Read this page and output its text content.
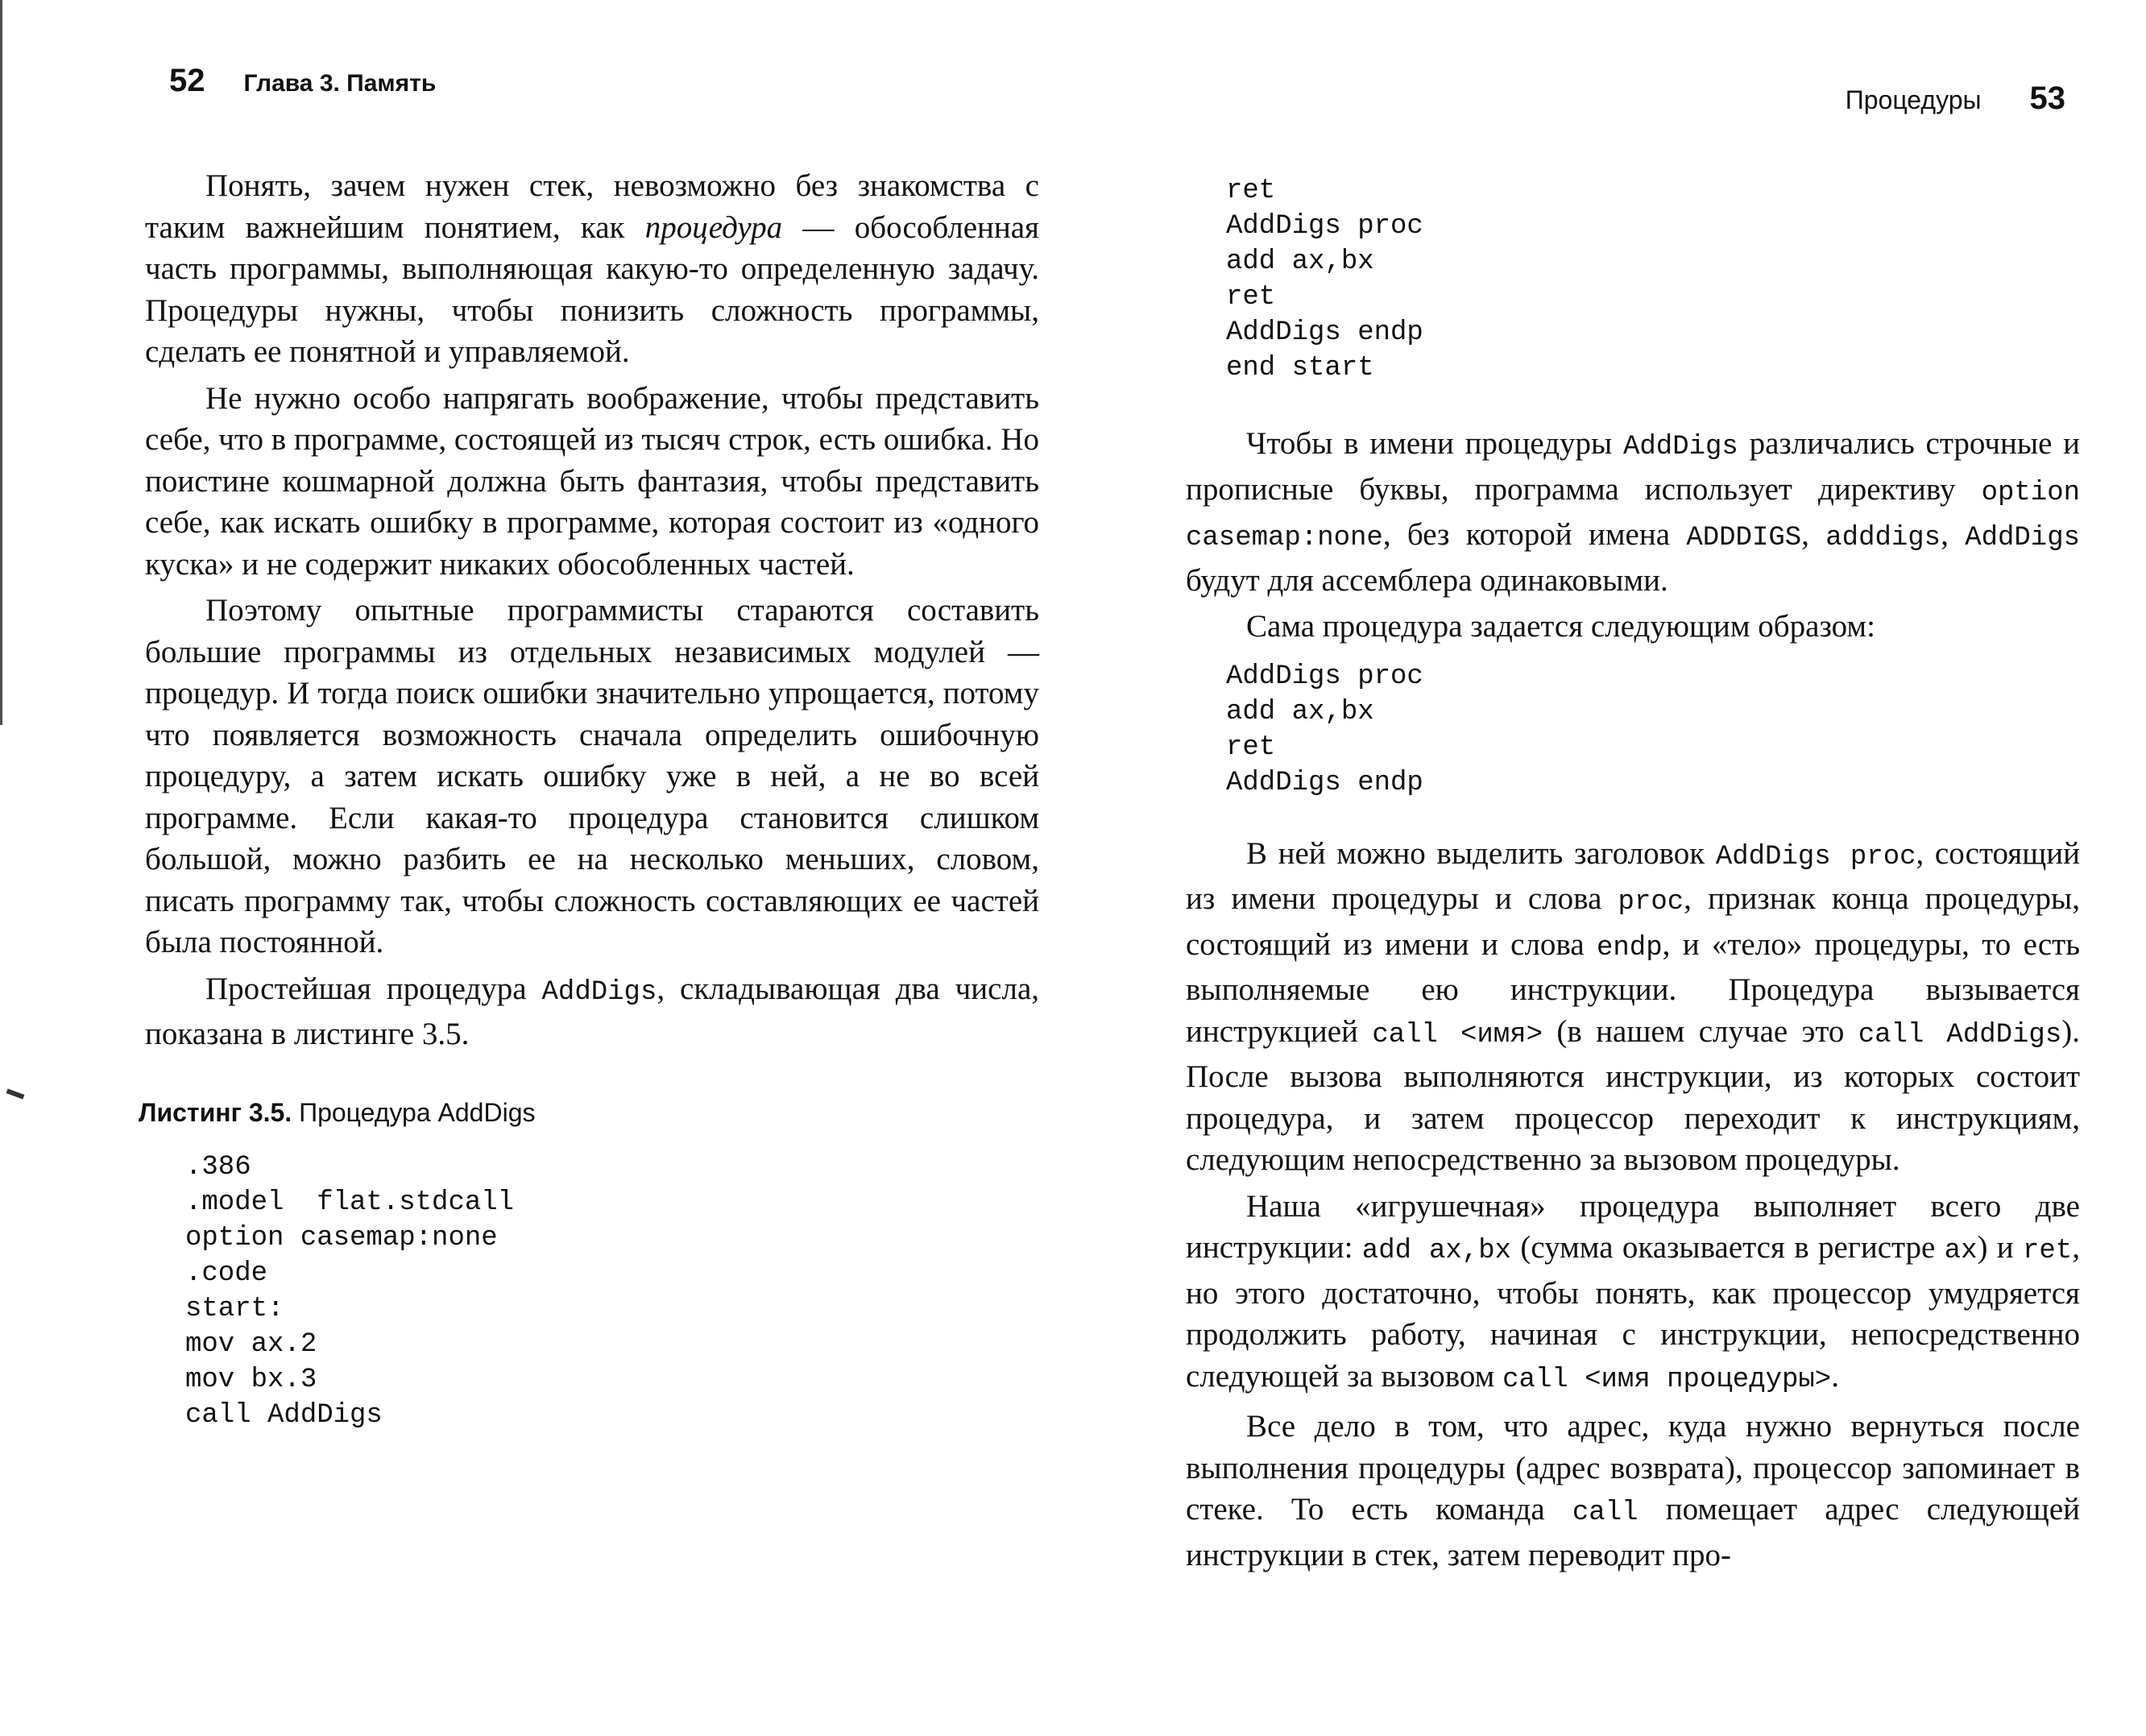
52 Глава 3. Память

Понять, зачем нужен стек, невозможно без знакомства с таким важнейшим понятием, как процедура — обособленная часть программы, выполняющая какую-то определенную задачу. Процедуры нужны, чтобы понизить сложность программы, сделать ее понятной и управляемой.

Не нужно особо напрягать воображение, чтобы представить себе, что в программе, состоящей из тысяч строк, есть ошибка. Но поистине кошмарной должна быть фантазия, чтобы представить себе, как искать ошибку в программе, которая состоит из «одного куска» и не содержит никаких обособленных частей.

Поэтому опытные программисты стараются составить большие программы из отдельных независимых модулей — процедур. И тогда поиск ошибки значительно упрощается, потому что появляется возможность сначала определить ошибочную процедуру, а затем искать ошибку уже в ней, а не во всей программе. Если какая-то процедура становится слишком большой, можно разбить ее на несколько меньших, словом, писать программу так, чтобы сложность составляющих ее частей была постоянной.

Простейшая процедура AddDigs, складывающая два числа, показана в листинге 3.5.

Листинг 3.5. Процедура AddDigs
.386
.model  flat.stdcall
option casemap:none
.code
start:
mov ax.2
mov bx.3
call AddDigs
Процедуры 53
ret
AddDigs proc
add ax,bx
ret
AddDigs endp
end start

Чтобы в имени процедуры AddDigs различались строчные и прописные буквы, программа использует директиву option casemap:none, без которой имена ADDDIGS, adddigs, AddDigs будут для ассемблера одинаковыми.

Сама процедура задается следующим образом:

AddDigs proc
add ax,bx
ret
AddDigs endp

В ней можно выделить заголовок AddDigs proc, состоящий из имени процедуры и слова proc, признак конца процедуры, состоящий из имени и слова endp, и «тело» процедуры, то есть выполняемые ею инструкции. Процедура вызывается инструкцией call <имя> (в нашем случае это call AddDigs). После вызова выполняются инструкции, из которых состоит процедура, и затем процессор переходит к инструкциям, следующим непосредственно за вызовом процедуры.

Наша «игрушечная» процедура выполняет всего две инструкции: add ax,bx (сумма оказывается в регистре ax) и ret, но этого достаточно, чтобы понять, как процессор умудряется продолжить работу, начиная с инструкции, непосредственно следующей за вызовом call <имя процедуры>.

Все дело в том, что адрес, куда нужно вернуться после выполнения процедуры (адрес возврата), процессор запоминает в стеке. То есть команда call помещает адрес следующей инструкции в стек, затем переводит про-
